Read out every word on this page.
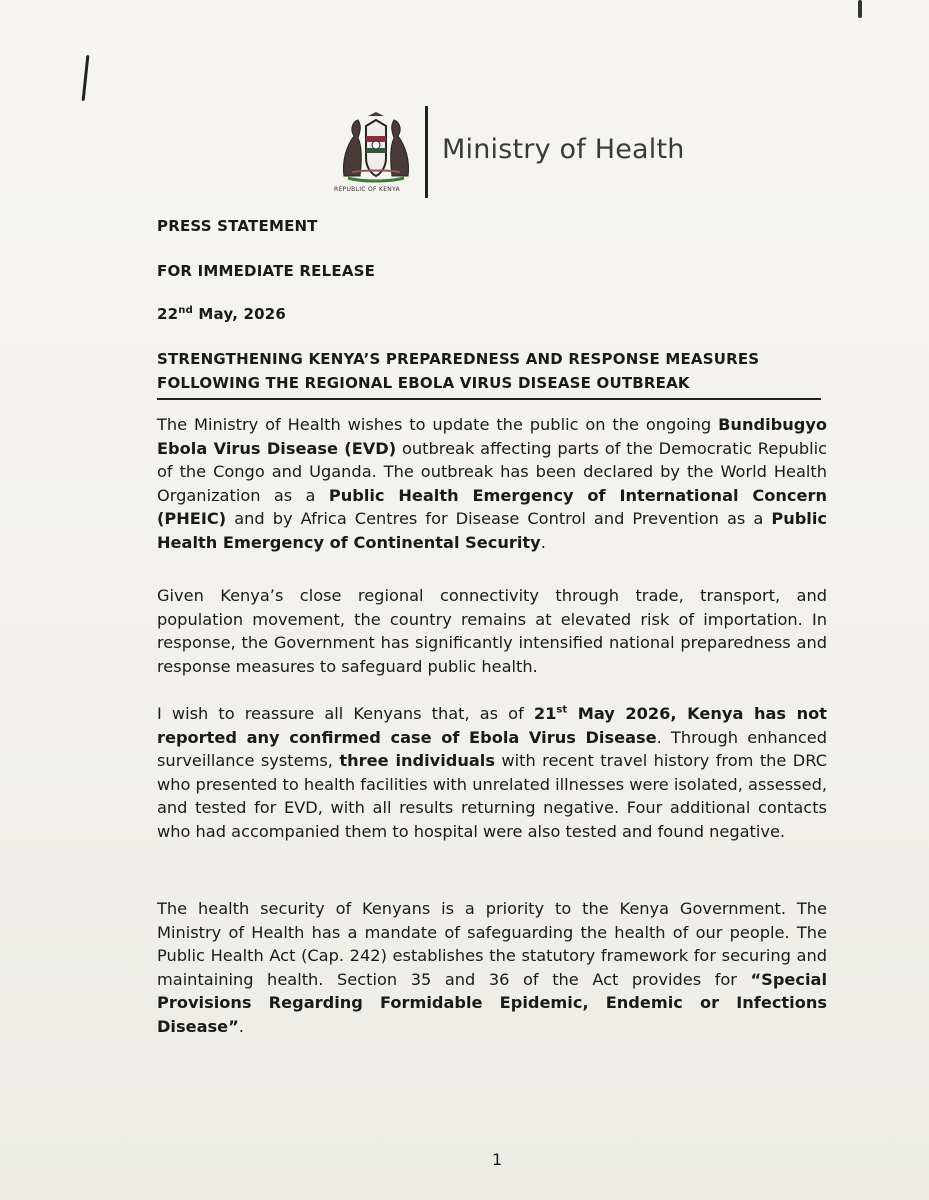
REPUBLIC OF KENYA
Ministry of Health
PRESS STATEMENT
FOR IMMEDIATE RELEASE
22nd May, 2026
STRENGTHENING KENYA’S PREPAREDNESS AND RESPONSE MEASURES
FOLLOWING THE REGIONAL EBOLA VIRUS DISEASE OUTBREAK
The Ministry of Health wishes to update the public on the ongoing Bundibugyo Ebola Virus Disease (EVD) outbreak affecting parts of the Democratic Republic of the Congo and Uganda. The outbreak has been declared by the World Health Organization as a Public Health Emergency of International Concern (PHEIC) and by Africa Centres for Disease Control and Prevention as a Public Health Emergency of Continental Security.
Given Kenya’s close regional connectivity through trade, transport, and population movement, the country remains at elevated risk of importation. In response, the Government has significantly intensified national preparedness and response measures to safeguard public health.
I wish to reassure all Kenyans that, as of 21st May 2026, Kenya has not reported any confirmed case of Ebola Virus Disease. Through enhanced surveillance systems, three individuals with recent travel history from the DRC who presented to health facilities with unrelated illnesses were isolated, assessed, and tested for EVD, with all results returning negative. Four additional contacts who had accompanied them to hospital were also tested and found negative.
The health security of Kenyans is a priority to the Kenya Government. The Ministry of Health has a mandate of safeguarding the health of our people. The Public Health Act (Cap. 242) establishes the statutory framework for securing and maintaining health. Section 35 and 36 of the Act provides for “Special Provisions Regarding Formidable Epidemic, Endemic or Infections Disease”.
1
